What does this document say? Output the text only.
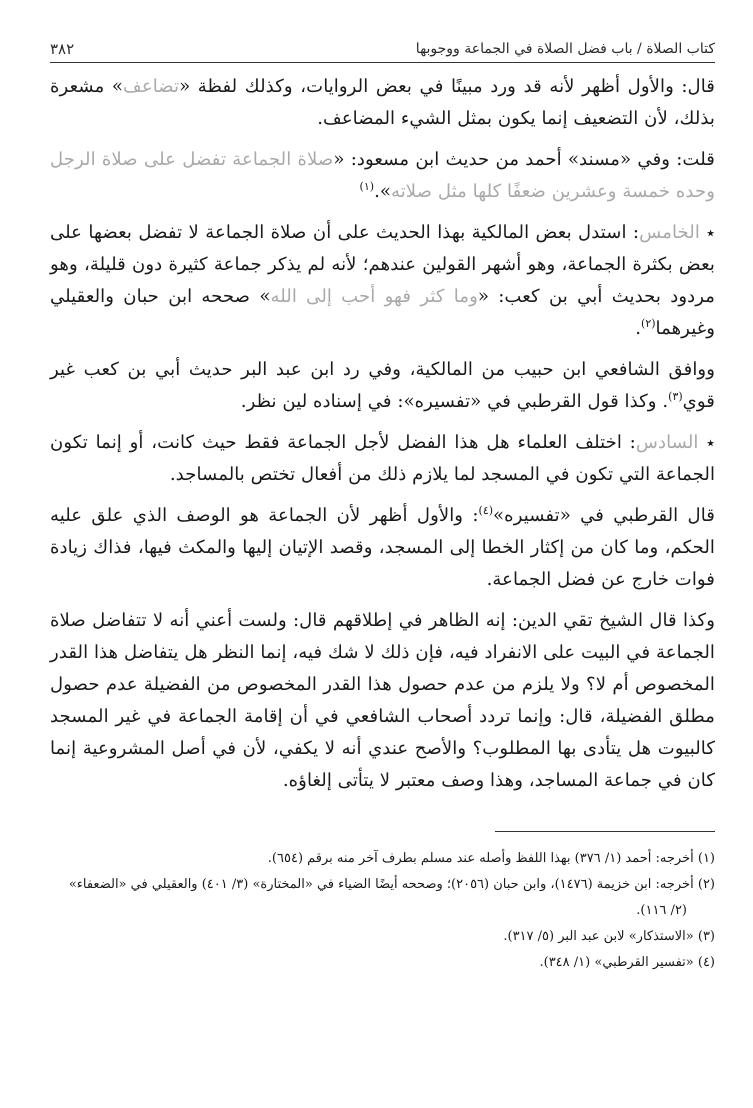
كتاب الصلاة / باب فضل الصلاة في الجماعة ووجوبها
٣٨٢

قال: والأول أظهر لأنه قد ورد مبينًا في بعض الروايات، وكذلك لفظة «تضاعف» مشعرة بذلك، لأن التضعيف إنما يكون بمثل الشيء المضاعف.

قلت: وفي «مسند» أحمد من حديث ابن مسعود: «صلاة الجماعة تفضل على صلاة الرجل وحده خمسة وعشرين ضعفًا كلها مثل صلاته».$^{(١)}$

٭ الخامس: استدل بعض المالكية بهذا الحديث على أن صلاة الجماعة لا تفضل بعضها على بعض بكثرة الجماعة، وهو أشهر القولين عندهم؛ لأنه لم يذكر جماعة كثيرة دون قليلة، وهو مردود بحديث أبي بن كعب: «وما كثر فهو أحب إلى الله» صححه ابن حبان والعقيلي وغيرهما$^{(٢)}$.

ووافق الشافعي ابن حبيب من المالكية، وفي رد ابن عبد البر حديث أبي بن كعب غير قوي$^{(٣)}$. وكذا قول القرطبي في «تفسيره»: في إسناده لين نظر.

٭ السادس: اختلف العلماء هل هذا الفضل لأجل الجماعة فقط حيث كانت، أو إنما تكون الجماعة التي تكون في المسجد لما يلازم ذلك من أفعال تختص بالمساجد.

قال القرطبي في «تفسيره»$^{(٤)}$: والأول أظهر لأن الجماعة هو الوصف الذي علق عليه الحكم، وما كان من إكثار الخطا إلى المسجد، وقصد الإتيان إليها والمكث فيها، فذاك زيادة فوات خارج عن فضل الجماعة.

وكذا قال الشيخ تقي الدين: إنه الظاهر في إطلاقهم قال: ولست أعني أنه لا تتفاضل صلاة الجماعة في البيت على الانفراد فيه، فإن ذلك لا شك فيه، إنما النظر هل يتفاضل هذا القدر المخصوص أم لا؟ ولا يلزم من عدم حصول هذا القدر المخصوص من الفضيلة عدم حصول مطلق الفضيلة، قال: وإنما تردد أصحاب الشافعي في أن إقامة الجماعة في غير المسجد كالبيوت هل يتأدى بها المطلوب؟ والأصح عندي أنه لا يكفي، لأن في أصل المشروعية إنما كان في جماعة المساجد، وهذا وصف معتبر لا يتأتى إلغاؤه.

(١) أخرجه: أحمد (١/ ٣٧٦) بهذا اللفظ وأصله عند مسلم بطرف آخر منه برقم (٦٥٤).

(٢) أخرجه: ابن خزيمة (١٤٧٦)، وابن حبان (٢٠٥٦)؛ وصححه أيضًا الضياء في «المختارة» (٣/ ٤٠١) والعقيلي في «الضعفاء»
(٢/ ١١٦).

(٣) «الاستذكار» لابن عبد البر (٥/ ٣١٧).

(٤) «تفسير القرطبي» (١/ ٣٤٨).
